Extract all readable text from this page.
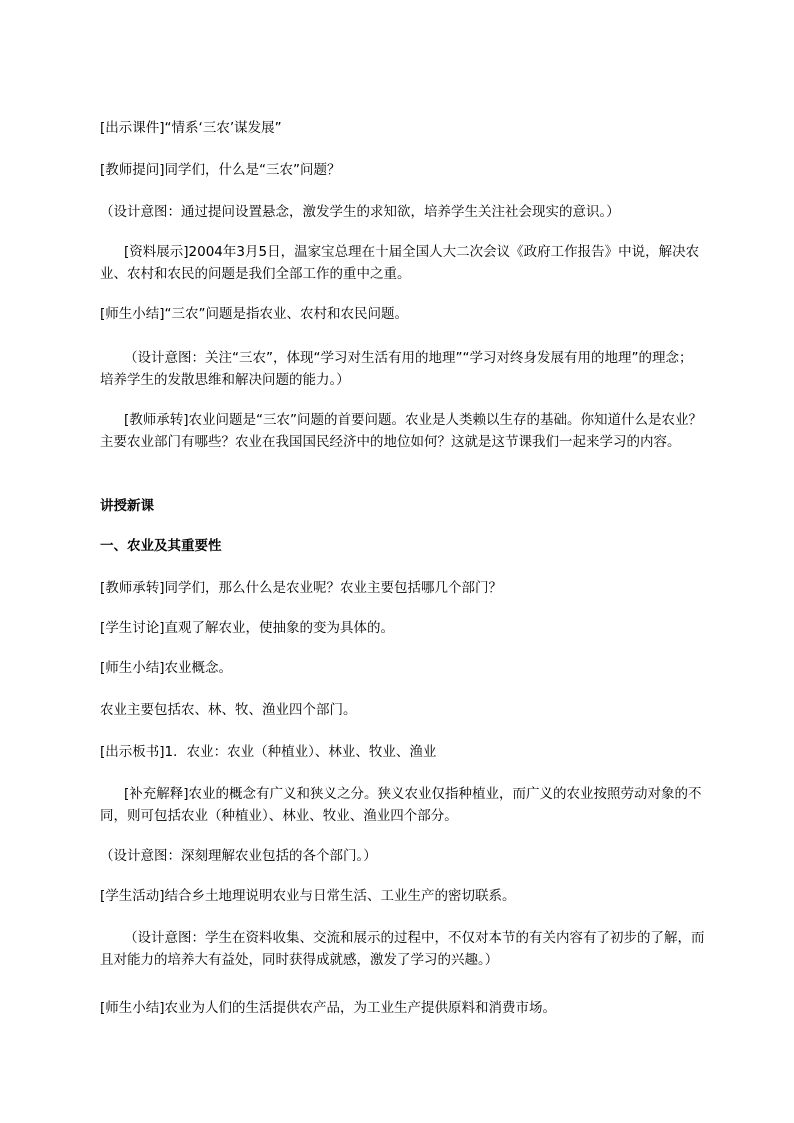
[出示课件]“情系‘三农’谋发展”

[教师提问]同学们，什么是“三农”问题？

（设计意图：通过提问设置悬念，激发学生的求知欲，培养学生关注社会现实的意识。）

[资料展示]2004年3月5日，温家宝总理在十届全国人大二次会议《政府工作报告》中说，解决农业、农村和农民的问题是我们全部工作的重中之重。

[师生小结]“三农”问题是指农业、农村和农民问题。

（设计意图：关注“三农”，体现“学习对生活有用的地理”“学习对终身发展有用的地理”的理念；培养学生的发散思维和解决问题的能力。）

[教师承转]农业问题是“三农”问题的首要问题。农业是人类赖以生存的基础。你知道什么是农业？主要农业部门有哪些？农业在我国国民经济中的地位如何？这就是这节课我们一起来学习的内容。

讲授新课

一、农业及其重要性

[教师承转]同学们，那么什么是农业呢？农业主要包括哪几个部门？

[学生讨论]直观了解农业，使抽象的变为具体的。

[师生小结]农业概念。

农业主要包括农、林、牧、渔业四个部门。

[出示板书]1．农业：农业（种植业）、林业、牧业、渔业

[补充解释]农业的概念有广义和狭义之分。狭义农业仅指种植业，而广义的农业按照劳动对象的不同，则可包括农业（种植业）、林业、牧业、渔业四个部分。

（设计意图：深刻理解农业包括的各个部门。）

[学生活动]结合乡土地理说明农业与日常生活、工业生产的密切联系。

（设计意图：学生在资料收集、交流和展示的过程中，不仅对本节的有关内容有了初步的了解，而且对能力的培养大有益处，同时获得成就感，激发了学习的兴趣。）

[师生小结]农业为人们的生活提供农产品，为工业生产提供原料和消费市场。
